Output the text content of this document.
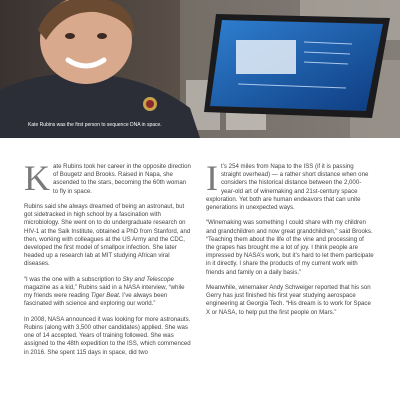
Kate Rubins was the first person to sequence DNA in space.

Kate Rubins took her career in the opposite direction of Bougetz and Brooks. Raised in Napa, she ascended to the stars, becoming the 60th woman to fly in space.

Rubins said she always dreamed of being an astronaut, but got sidetracked in high school by a fascination with microbiology. She went on to do undergraduate research on HIV-1 at the Salk Institute, obtained a PhD from Stanford, and then, working with colleagues at the US Army and the CDC, developed the first model of smallpox infection. She later headed up a research lab at MIT studying African viral diseases.

“I was the one with a subscription to Sky and Telescope magazine as a kid,” Rubins said in a NASA interview, “while my friends were reading Tiger Beat. I’ve always been fascinated with science and exploring our world.”

In 2008, NASA announced it was looking for more astronauts. Rubins (along with 3,500 other candidates) applied. She was one of 14 accepted. Years of training followed. She was assigned to the 48th expedition to the ISS, which commenced in 2016. She spent 115 days in space, did two

It’s 254 miles from Napa to the ISS (if it is passing straight overhead) — a rather short distance when one considers the historical distance between the 2,000-year-old art of winemaking and 21st-century space exploration. Yet both are human endeavors that can unite generations in unexpected ways.

“Winemaking was something I could share with my children and grandchildren and now great grandchildren,” said Brooks. “Teaching them about the life of the vine and processing of the grapes has brought me a lot of joy. I think people are impressed by NASA’s work, but it’s hard to let them participate in it directly. I share the products of my current work with friends and family on a daily basis.”

Meanwhile, winemaker Andy Schweiger reported that his son Gerry has just finished his first year studying aerospace engineering at Georgia Tech. “His dream is to work for Space X or NASA, to help put the first people on Mars.”
